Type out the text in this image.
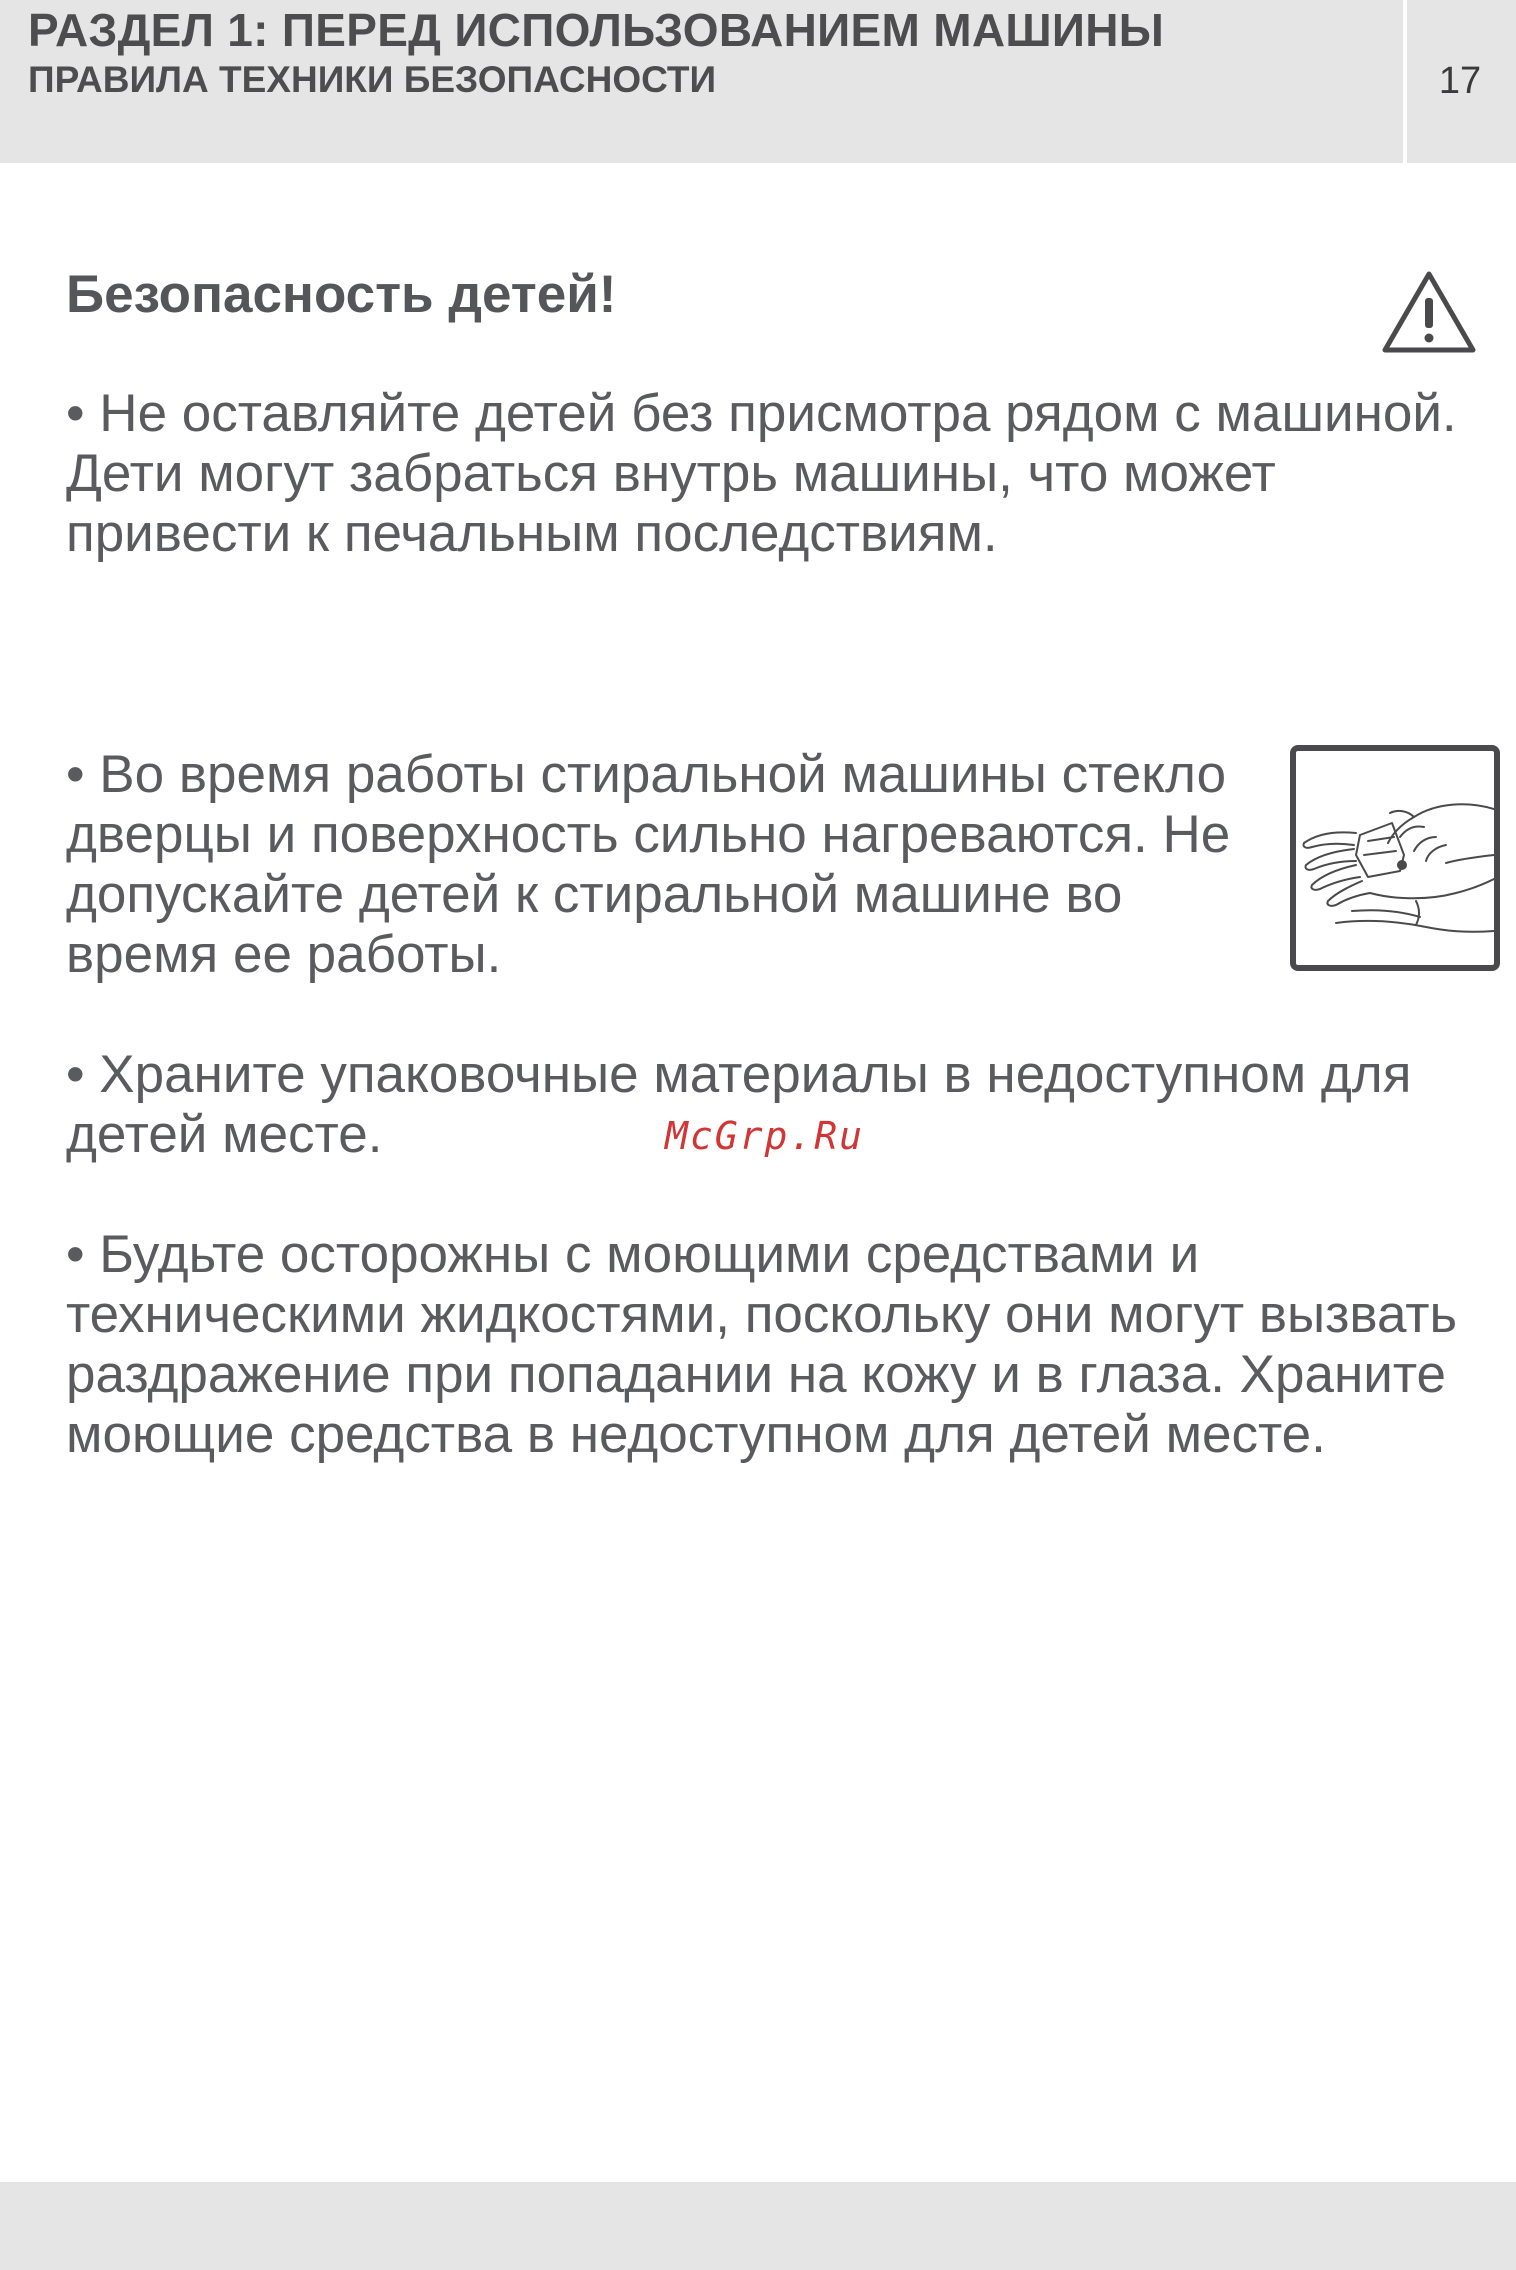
РАЗДЕЛ 1: ПЕРЕД ИСПОЛЬЗОВАНИЕМ МАШИНЫ
ПРАВИЛА ТЕХНИКИ БЕЗОПАСНОСТИ	17
Безопасность детей!

• Не оставляйте детей без присмотра рядом с машиной. Дети могут забраться внутрь машины, что может привести к печальным последствиям.

• Во время работы стиральной машины стекло дверцы и поверхность сильно нагреваются. Не допускайте детей к стиральной машине во время ее работы.

• Храните упаковочные материалы в недоступном для детей месте.	McGrp.Ru

• Будьте осторожны с моющими средствами и техническими жидкостями, поскольку они могут вызвать раздражение при попадании на кожу и в глаза. Храните моющие средства в недоступном для детей месте.
